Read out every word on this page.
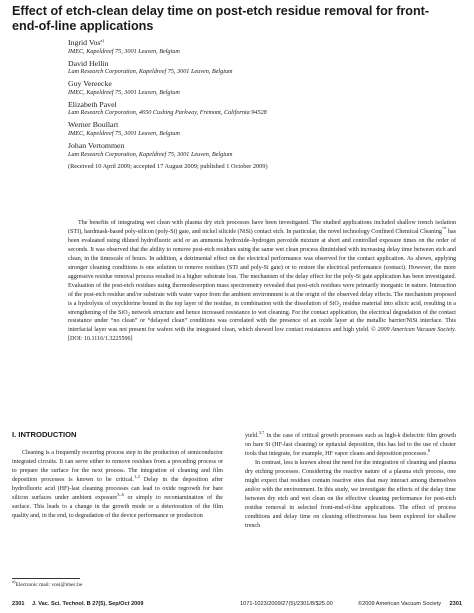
Effect of etch-clean delay time on post-etch residue removal for front-end-of-line applications
Ingrid Vos$^{a)}$
IMEC, Kapeldreef 75, 3001 Leuven, Belgium
David Hellin
Lam Research Corporation, Kapeldreef 75, 3001 Leuven, Belgium
Guy Vereecke
IMEC, Kapeldreef 75, 3001 Leuven, Belgium
Elizabeth Pavel
Lam Research Corporation, 4650 Cushing Parkway, Fremont, California 94528
Werner Boullart
IMEC, Kapeldreef 75, 3001 Leuven, Belgium
Johan Vertommen
Lam Research Corporation, Kapeldreef 75, 3001 Leuven, Belgium
(Received 10 April 2009; accepted 17 August 2009; published 1 October 2009)

The benefits of integrating wet clean with plasma dry etch processes have been investigated. The studied applications included shallow trench isolation (STI), hardmask-based poly-silicon (poly-Si) gate, and nickel silicide (NiSi) contact etch. In particular, the novel technology Confined Chemical Cleaning™ has been evaluated using diluted hydrofluoric acid or an ammonia hydroxide–hydrogen peroxide mixture at short and controlled exposure times on the order of seconds. It was observed that the ability to remove post-etch residues using the same wet clean process diminished with increasing delay time between etch and clean, in the timescale of hours. In addition, a detrimental effect on the electrical performance was observed for the contact application. As shown, applying stronger cleaning conditions is one solution to remove residues (STI and poly-Si gate) or to restore the electrical performance (contact). However, the more aggressive residue removal process resulted in a higher substrate loss. The mechanism of the delay effect for the poly-Si gate application has been investigated. Evaluation of the post-etch residues using thermodesorption mass spectrometry revealed that post-etch residues were primarily inorganic in nature. Interaction of the post-etch residue and/or substrate with water vapor from the ambient environment is at the origin of the observed delay effects. The mechanism proposed is a hydrolysis of oxychlorine bound in the top layer of the residue, in combination with the dissolution of SiO$_2$ residue material into silicic acid, resulting in a strengthening of the SiO$_2$ network structure and hence increased resistance to wet cleaning. For the contact application, the electrical degradation of the contact resistance under “no clean” or “delayed clean” conditions was correlated with the presence of an oxide layer at the metallic barrier/NiSi interface. This interfacial layer was not present for wafers with the integrated clean, which showed low contact resistances and high yield. © 2009 American Vacuum Society. [DOI: 10.1116/1.3225596]

I. INTRODUCTION

Cleaning is a frequently recurring process step in the production of semiconductor integrated circuits. It can serve either to remove residues from a preceding process or to prepare the surface for the next process. The integration of cleaning and film deposition processes is known to be critical.$^{1,2}$ Delay in the deposition after hydrofluoric acid (HF)-last cleaning processes can lead to oxide regrowth for bare silicon surfaces under ambient exposure$^{3-6}$ or simply to recontamination of the surface. This leads to a change in the growth mode or a deterioration of the film quality and, in the end, to degradation of the device performance or production

yield.$^{3,7}$ In the case of critical growth processes such as high-k dielectric film growth on bare Si (HF-last cleaning) or epitaxial deposition, this has led to the use of cluster tools that integrate, for example, HF vapor cleans and deposition processes.$^8$

In contrast, less is known about the need for the integration of cleaning and plasma dry etching processes. Considering the reactive nature of a plasma etch process, one might expect that residues contain reactive sites that may interact among themselves and/or with the environment. In this study, we investigate the effects of the delay time between dry etch and wet clean on the effective cleaning performance for post-etch residue removal in selected front-end-of-line applications. The effect of process conditions and delay time on cleaning effectiveness has been explored for shallow trench

$^{a)}$Electronic mail: vosi@imec.be
2301 J. Vac. Sci. Technol. B 27(5), Sep/Oct 2009	1071-1023/2009/27(5)/2301/8/$25.00	©2009 American Vacuum Society 2301
